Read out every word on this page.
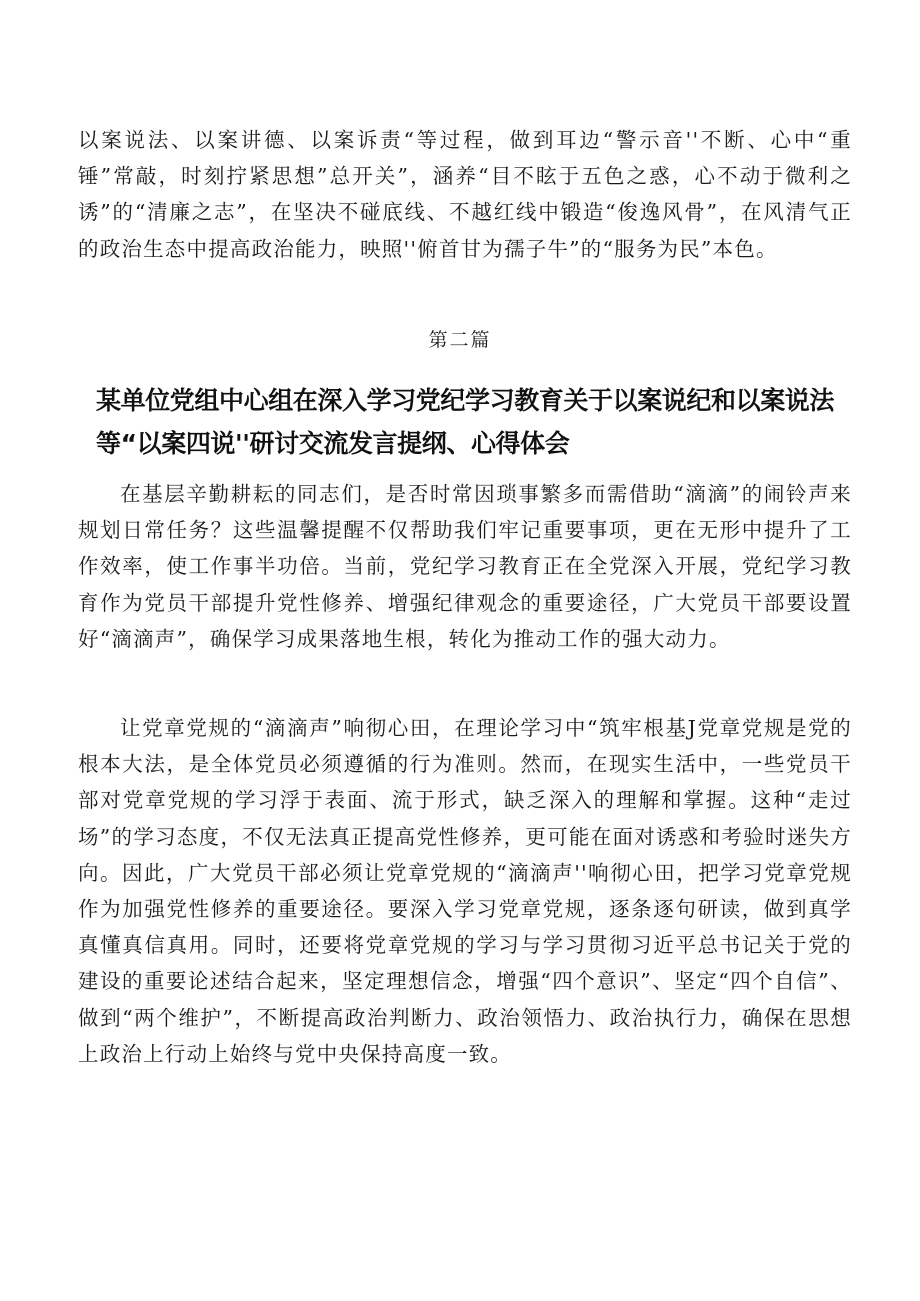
以案说法、以案讲德、以案诉责“等过程，做到耳边“警示音''不断、心中“重锤”常敲，时刻拧紧思想”总开关”，涵养“目不眩于五色之惑，心不动于微利之诱”的“清廉之志”，在坚决不碰底线、不越红线中锻造“俊逸风骨”，在风清气正的政治生态中提高政治能力，映照''俯首甘为孺子牛”的“服务为民”本色。

第二篇

某单位党组中心组在深入学习党纪学习教育关于以案说纪和以案说法等“以案四说''研讨交流发言提纲、心得体会

在基层辛勤耕耘的同志们，是否时常因琐事繁多而需借助“滴滴”的闹铃声来规划日常任务？这些温馨提醒不仅帮助我们牢记重要事项，更在无形中提升了工作效率，使工作事半功倍。当前，党纪学习教育正在全党深入开展，党纪学习教育作为党员干部提升党性修养、增强纪律观念的重要途径，广大党员干部要设置好“滴滴声”，确保学习成果落地生根，转化为推动工作的强大动力。

让党章党规的“滴滴声”响彻心田，在理论学习中“筑牢根基J党章党规是党的根本大法，是全体党员必须遵循的行为准则。然而，在现实生活中，一些党员干部对党章党规的学习浮于表面、流于形式，缺乏深入的理解和掌握。这种“走过场”的学习态度，不仅无法真正提高党性修养，更可能在面对诱惑和考验时迷失方向。因此，广大党员干部必须让党章党规的“滴滴声''响彻心田，把学习党章党规作为加强党性修养的重要途径。要深入学习党章党规，逐条逐句研读，做到真学真懂真信真用。同时，还要将党章党规的学习与学习贯彻习近平总书记关于党的建设的重要论述结合起来，坚定理想信念，增强“四个意识”、坚定“四个自信”、做到“两个维护”，不断提高政治判断力、政治领悟力、政治执行力，确保在思想上政治上行动上始终与党中央保持高度一致。
